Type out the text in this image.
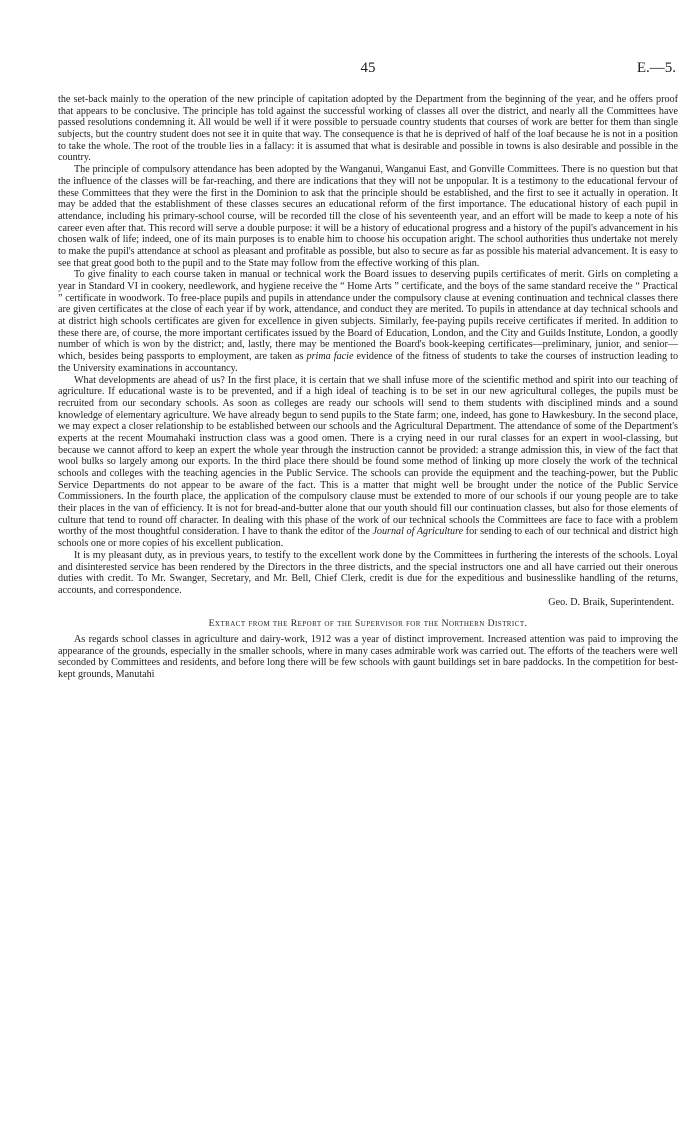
45	E.—5.

the set-back mainly to the operation of the new principle of capitation adopted by the Department from the beginning of the year, and he offers proof that appears to be conclusive. The principle has told against the successful working of classes all over the district, and nearly all the Committees have passed resolutions condemning it. All would be well if it were possible to persuade country students that courses of work are better for them than single subjects, but the country student does not see it in quite that way. The consequence is that he is deprived of half of the loaf because he is not in a position to take the whole. The root of the trouble lies in a fallacy: it is assumed that what is desirable and possible in towns is also desirable and possible in the country.

The principle of compulsory attendance has been adopted by the Wanganui, Wanganui East, and Gonville Committees. There is no question but that the influence of the classes will be far-reaching, and there are indications that they will not be unpopular. It is a testimony to the educational fervour of these Committees that they were the first in the Dominion to ask that the principle should be established, and the first to see it actually in operation. It may be added that the establishment of these classes secures an educational reform of the first importance. The educational history of each pupil in attendance, including his primary-school course, will be recorded till the close of his seventeenth year, and an effort will be made to keep a note of his career even after that. This record will serve a double purpose: it will be a history of educational progress and a history of the pupil's advancement in his chosen walk of life; indeed, one of its main purposes is to enable him to choose his occupation aright. The school authorities thus undertake not merely to make the pupil's attendance at school as pleasant and profitable as possible, but also to secure as far as possible his material advancement. It is easy to see that great good both to the pupil and to the State may follow from the effective working of this plan.

To give finality to each course taken in manual or technical work the Board issues to deserving pupils certificates of merit. Girls on completing a year in Standard VI in cookery, needlework, and hygiene receive the “ Home Arts ” certificate, and the boys of the same standard receive the “ Practical ” certificate in woodwork. To free-place pupils and pupils in attendance under the compulsory clause at evening continuation and technical classes there are given certificates at the close of each year if by work, attendance, and conduct they are merited. To pupils in attendance at day technical schools and at district high schools certificates are given for excellence in given subjects. Similarly, fee-paying pupils receive certificates if merited. In addition to these there are, of course, the more important certificates issued by the Board of Education, London, and the City and Guilds Institute, London, a goodly number of which is won by the district; and, lastly, there may be mentioned the Board's book-keeping certificates—preliminary, junior, and senior—which, besides being passports to employment, are taken as prima facie evidence of the fitness of students to take the courses of instruction leading to the University examinations in accountancy.

What developments are ahead of us? In the first place, it is certain that we shall infuse more of the scientific method and spirit into our teaching of agriculture. If educational waste is to be prevented, and if a high ideal of teaching is to be set in our new agricultural colleges, the pupils must be recruited from our secondary schools. As soon as colleges are ready our schools will send to them students with disciplined minds and a sound knowledge of elementary agriculture. We have already begun to send pupils to the State farm; one, indeed, has gone to Hawkesbury. In the second place, we may expect a closer relationship to be established between our schools and the Agricultural Department. The attendance of some of the Department's experts at the recent Moumahaki instruction class was a good omen. There is a crying need in our rural classes for an expert in wool-classing, but because we cannot afford to keep an expert the whole year through the instruction cannot be provided: a strange admission this, in view of the fact that wool bulks so largely among our exports. In the third place there should be found some method of linking up more closely the work of the technical schools and colleges with the teaching agencies in the Public Service. The schools can provide the equipment and the teaching-power, but the Public Service Departments do not appear to be aware of the fact. This is a matter that might well be brought under the notice of the Public Service Commissioners. In the fourth place, the application of the compulsory clause must be extended to more of our schools if our young people are to take their places in the van of efficiency. It is not for bread-and-butter alone that our youth should fill our continuation classes, but also for those elements of culture that tend to round off character. In dealing with this phase of the work of our technical schools the Committees are face to face with a problem worthy of the most thoughtful consideration. I have to thank the editor of the Journal of Agriculture for sending to each of our technical and district high schools one or more copies of his excellent publication.

It is my pleasant duty, as in previous years, to testify to the excellent work done by the Committees in furthering the interests of the schools. Loyal and disinterested service has been rendered by the Directors in the three districts, and the special instructors one and all have carried out their onerous duties with credit. To Mr. Swanger, Secretary, and Mr. Bell, Chief Clerk, credit is due for the expeditious and businesslike handling of the returns, accounts, and correspondence.

Geo. D. Braik, Superintendent.

Extract from the Report of the Supervisor for the Northern District.

As regards school classes in agriculture and dairy-work, 1912 was a year of distinct improvement. Increased attention was paid to improving the appearance of the grounds, especially in the smaller schools, where in many cases admirable work was carried out. The efforts of the teachers were well seconded by Committees and residents, and before long there will be few schools with gaunt buildings set in bare paddocks. In the competition for best-kept grounds, Manutahi
